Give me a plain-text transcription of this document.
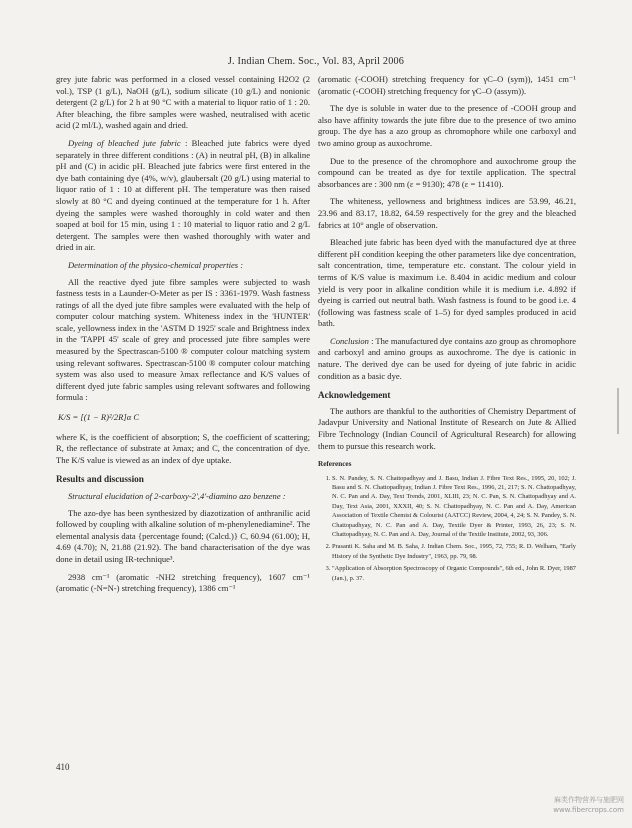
J. Indian Chem. Soc., Vol. 83, April 2006

grey jute fabric was performed in a closed vessel containing H2O2 (2 vol.), TSP (1 g/L), NaOH (g/L), sodium silicate (10 g/L) and nonionic detergent (2 g/L) for 2 h at 90 °C with a material to liquor ratio of 1 : 20. After bleaching, the fibre samples were washed, neutralised with acetic acid (2 ml/L), washed again and dried.

Dyeing of bleached jute fabric : Bleached jute fabrics were dyed separately in three different conditions : (A) in neutral pH, (B) in alkaline pH and (C) in acidic pH. Bleached jute fabrics were first entered in the dye bath containing dye (4%, w/v), glaubersalt (20 g/L) using material to liquor ratio of 1 : 10 at different pH. The temperature was then raised slowly at 80 °C and dyeing continued at the temperature for 1 h. After dyeing the samples were washed thoroughly in cold water and then soaped at boil for 15 min, using 1 : 10 material to liquor ratio and 2 g/L detergent. The samples were then washed thoroughly with water and dried in air.

Determination of the physico-chemical properties :

All the reactive dyed jute fibre samples were subjected to wash fastness tests in a Launder-O-Meter as per IS : 3361-1979. Wash fastness ratings of all the dyed jute fibre samples were evaluated with the help of computer colour matching system. Whiteness index in the 'HUNTER' scale, yellowness index in the 'ASTM D 1925' scale and Brightness index in the 'TAPPI 45' scale of grey and processed jute fibre samples were measured by the Spectrascan-5100 ® computer colour matching system using relevant softwares. Spectrascan-5100 ® computer colour matching system was also used to measure λmax reflectance and K/S values of different dyed jute fabric samples using relevant softwares and following formula :

K/S = [(1 − R)²/2R]α C

where K, is the coefficient of absorption; S, the coefficient of scattering; R, the reflectance of substrate at λmax; and C, the concentration of dye. The K/S value is viewed as an index of dye uptake.

Results and discussion
Structural elucidation of 2-carboxy-2′,4′-diamino azo benzene :

The azo-dye has been synthesized by diazotization of anthranilic acid followed by coupling with alkaline solution of m-phenylenediamine². The elemental analysis data {percentage found; (Calcd.)} C, 60.94 (61.00); H, 4.69 (4.70); N, 21.88 (21.92). The band characterisation of the dye was done in detail using IR-technique³.

2938 cm⁻¹ (aromatic -NH2 stretching frequency), 1607 cm⁻¹ (aromatic (-N=N-) stretching frequency), 1386 cm⁻¹

(aromatic (-COOH) stretching frequency for γC–O (sym)), 1451 cm⁻¹ (aromatic (-COOH) stretching frequency for γC–O (assym)).

The dye is soluble in water due to the presence of -COOH group and also have affinity towards the jute fibre due to the presence of two amino group. The dye has a azo group as chromophore while one carboxyl and two amino group as auxochrome.

Due to the presence of the chromophore and auxochrome group the compound can be treated as dye for textile application. The spectral absorbances are : 300 nm (ε = 9130); 478 (ε = 11410).

The whiteness, yellowness and brightness indices are 53.99, 46.21, 23.96 and 83.17, 18.82, 64.59 respectively for the grey and the bleached fabrics at 10° angle of observation.

Bleached jute fabric has been dyed with the manufactured dye at three different pH condition keeping the other parameters like dye concentration, salt concentration, time, temperature etc. constant. The colour yield in terms of K/S value is maximum i.e. 8.404 in acidic medium and colour yield is very poor in alkaline condition while it is medium i.e. 4.892 if dyeing is carried out neutral bath. Wash fastness is found to be good i.e. 4 (following was fastness scale of 1–5) for dyed samples produced in acid bath.

Conclusion : The manufactured dye contains azo group as chromophore and carboxyl and amino groups as auxochrome. The dye is cationic in nature. The derived dye can be used for dyeing of jute fabric in acidic condition as a basic dye.

Acknowledgement

The authors are thankful to the authorities of Chemistry Department of Jadavpur University and National Institute of Research on Jute & Allied Fibre Technology (Indian Council of Agricultural Research) for allowing them to pursue this research work.

References
1. S. N. Pandey, S. N. Chattopadhyay and J. Basu, Indian J. Fibre Text Res., 1995, 20, 102; J. Basu and S. N. Chattopadhyay, Indian J. Fibre Text Res., 1996, 21, 217; S. N. Chattopadhyay, N. C. Pan and A. Day, Text Trends, 2001, XLIII, 23; N. C. Pan, S. N. Chattopadhyay and A. Day, Text Asia, 2001, XXXII, 40; S. N. Chattopadhyay, N. C. Pan and A. Day, American Association of Textile Chemist & Colourist (AATCC) Review, 2004, 4, 24; S. N. Pandey, S. N. Chattopadhyay, N. C. Pan and A. Day, Textile Dyer & Printer, 1993, 26, 23; S. N. Chattopadhyay, N. C. Pan and A. Day, Journal of the Textile Institute, 2002, 93, 306.
2. Prasanti K. Saha and M. B. Saha, J. Indian Chem. Soc., 1995, 72, 755; R. D. Welham, "Early History of the Synthetic Dye Industry", 1963, pp. 79, 98.
3. "Application of Absorption Spectroscopy of Organic Compounds", 6th ed., John R. Dyer, 1987 (Jan.), p. 37.
410
麻类作物营养与施肥网
www.fibercrops.com
